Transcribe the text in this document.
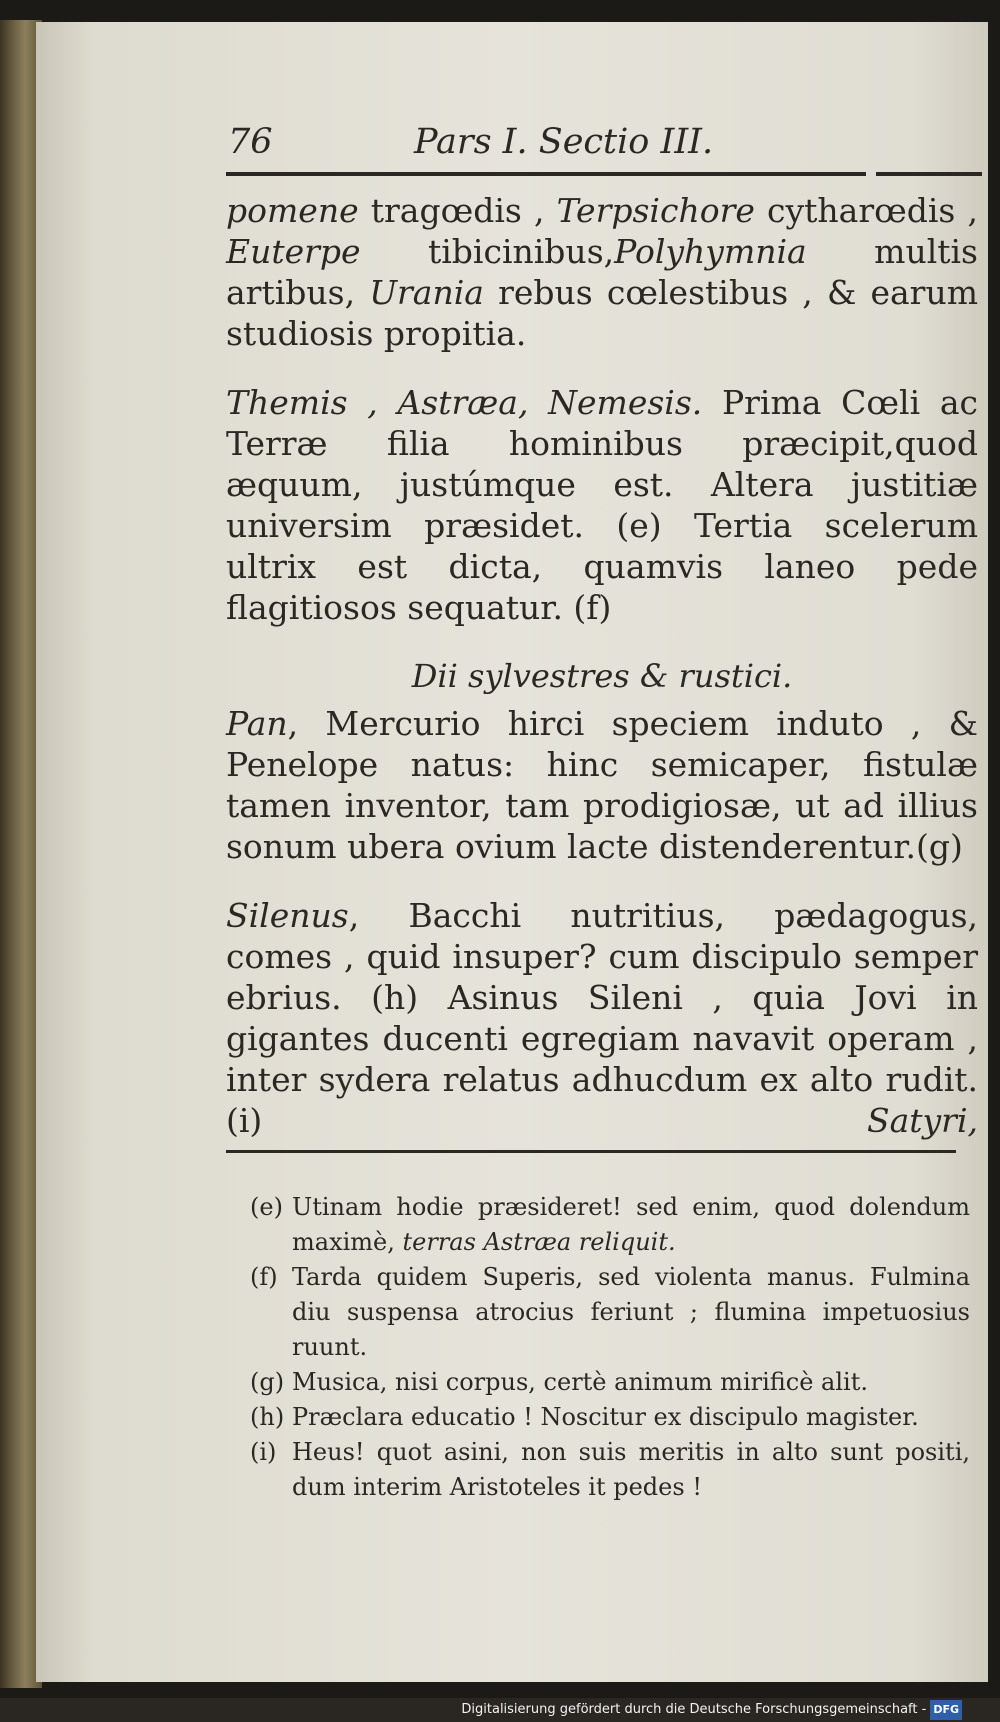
76	Pars I. Sectio III.

pomene tragœdis , Terpsichore cytharœdis , Euterpe tibicinibus,Polyhymnia multis artibus, Urania rebus cœlestibus , & earum studiosis propitia.

Themis , Astræa, Nemesis. Prima Cœli ac Terræ filia hominibus præcipit,quod æquum, justúmque est. Altera justitiæ universim præsidet. (e) Tertia scelerum ultrix est dicta, quamvis laneo pede flagitiosos sequatur. (f)

Dii sylvestres & rustici.

Pan, Mercurio hirci speciem induto , & Penelope natus: hinc semicaper, fistulæ tamen inventor, tam prodigiosæ, ut ad illius sonum ubera ovium lacte distenderentur.(g)

Silenus, Bacchi nutritius, pædagogus, comes , quid insuper? cum discipulo semper ebrius. (h) Asinus Sileni , quia Jovi in gigantes ducenti egregiam navavit operam , inter sydera relatus adhucdum ex alto rudit. (i)	Satyri,

(e) Utinam hodie præsideret! sed enim, quod dolendum maximè, terras Astræa reliquit.
(f) Tarda quidem Superis, sed violenta manus. Fulmina diu suspensa atrocius feriunt ; flumina impetuosius ruunt.
(g) Musica, nisi corpus, certè animum mirificè alit.
(h) Præclara educatio ! Noscitur ex discipulo magister.
(i) Heus! quot asini, non suis meritis in alto sunt positi, dum interim Aristoteles it pedes !
Digitalisierung gefördert durch die Deutsche Forschungsgemeinschaft - DFG
